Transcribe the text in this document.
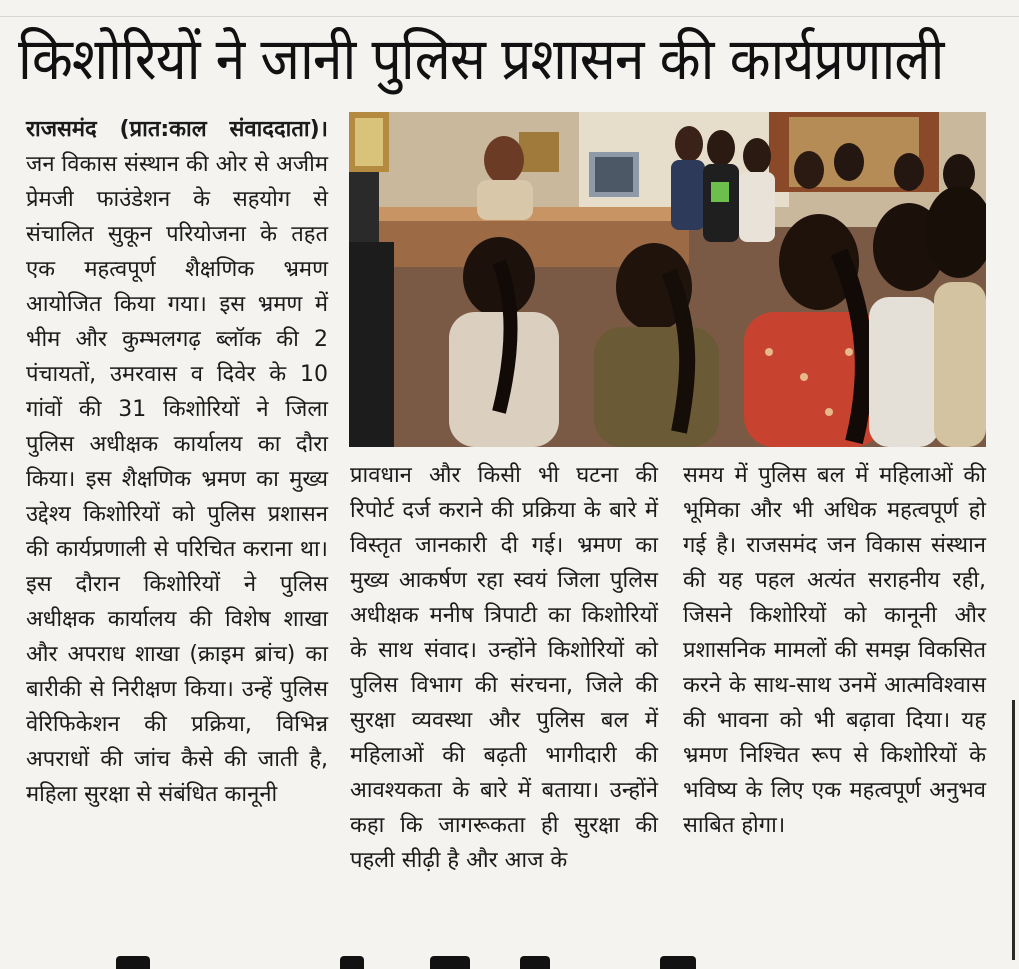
किशोरियों ने जानी पुलिस प्रशासन की कार्यप्रणाली

राजसमंद (प्रात:काल संवाददाता)। जन विकास संस्थान की ओर से अजीम प्रेमजी फाउंडेशन के सहयोग से संचालित सुकून परियोजना के तहत एक महत्वपूर्ण शैक्षणिक भ्रमण आयोजित किया गया। इस भ्रमण में भीम और कुम्भलगढ़ ब्लॉक की 2 पंचायतों, उमरवास व दिवेर के 10 गांवों की 31 किशोरियों ने जिला पुलिस अधीक्षक कार्यालय का दौरा किया। इस शैक्षणिक भ्रमण का मुख्य उद्देश्य किशोरियों को पुलिस प्रशासन की कार्यप्रणाली से परिचित कराना था। इस दौरान किशोरियों ने पुलिस अधीक्षक कार्यालय की विशेष शाखा और अपराध शाखा (क्राइम ब्रांच) का बारीकी से निरीक्षण किया। उन्हें पुलिस वेरिफिकेशन की प्रक्रिया, विभिन्न अपराधों की जांच कैसे की जाती है, महिला सुरक्षा से संबंधित कानूनी

प्रावधान और किसी भी घटना की रिपोर्ट दर्ज कराने की प्रक्रिया के बारे में विस्तृत जानकारी दी गई। भ्रमण का मुख्य आकर्षण रहा स्वयं जिला पुलिस अधीक्षक मनीष त्रिपाटी का किशोरियों के साथ संवाद। उन्होंने किशोरियों को पुलिस विभाग की संरचना, जिले की सुरक्षा व्यवस्था और पुलिस बल में महिलाओं की बढ़ती भागीदारी की आवश्यकता के बारे में बताया। उन्होंने कहा कि जागरूकता ही सुरक्षा की पहली सीढ़ी है और आज के

समय में पुलिस बल में महिलाओं की भूमिका और भी अधिक महत्वपूर्ण हो गई है। राजसमंद जन विकास संस्थान की यह पहल अत्यंत सराहनीय रही, जिसने किशोरियों को कानूनी और प्रशासनिक मामलों की समझ विकसित करने के साथ-साथ उनमें आत्मविश्वास की भावना को भी बढ़ावा दिया। यह भ्रमण निश्चित रूप से किशोरियों के भविष्य के लिए एक महत्वपूर्ण अनुभव साबित होगा।
